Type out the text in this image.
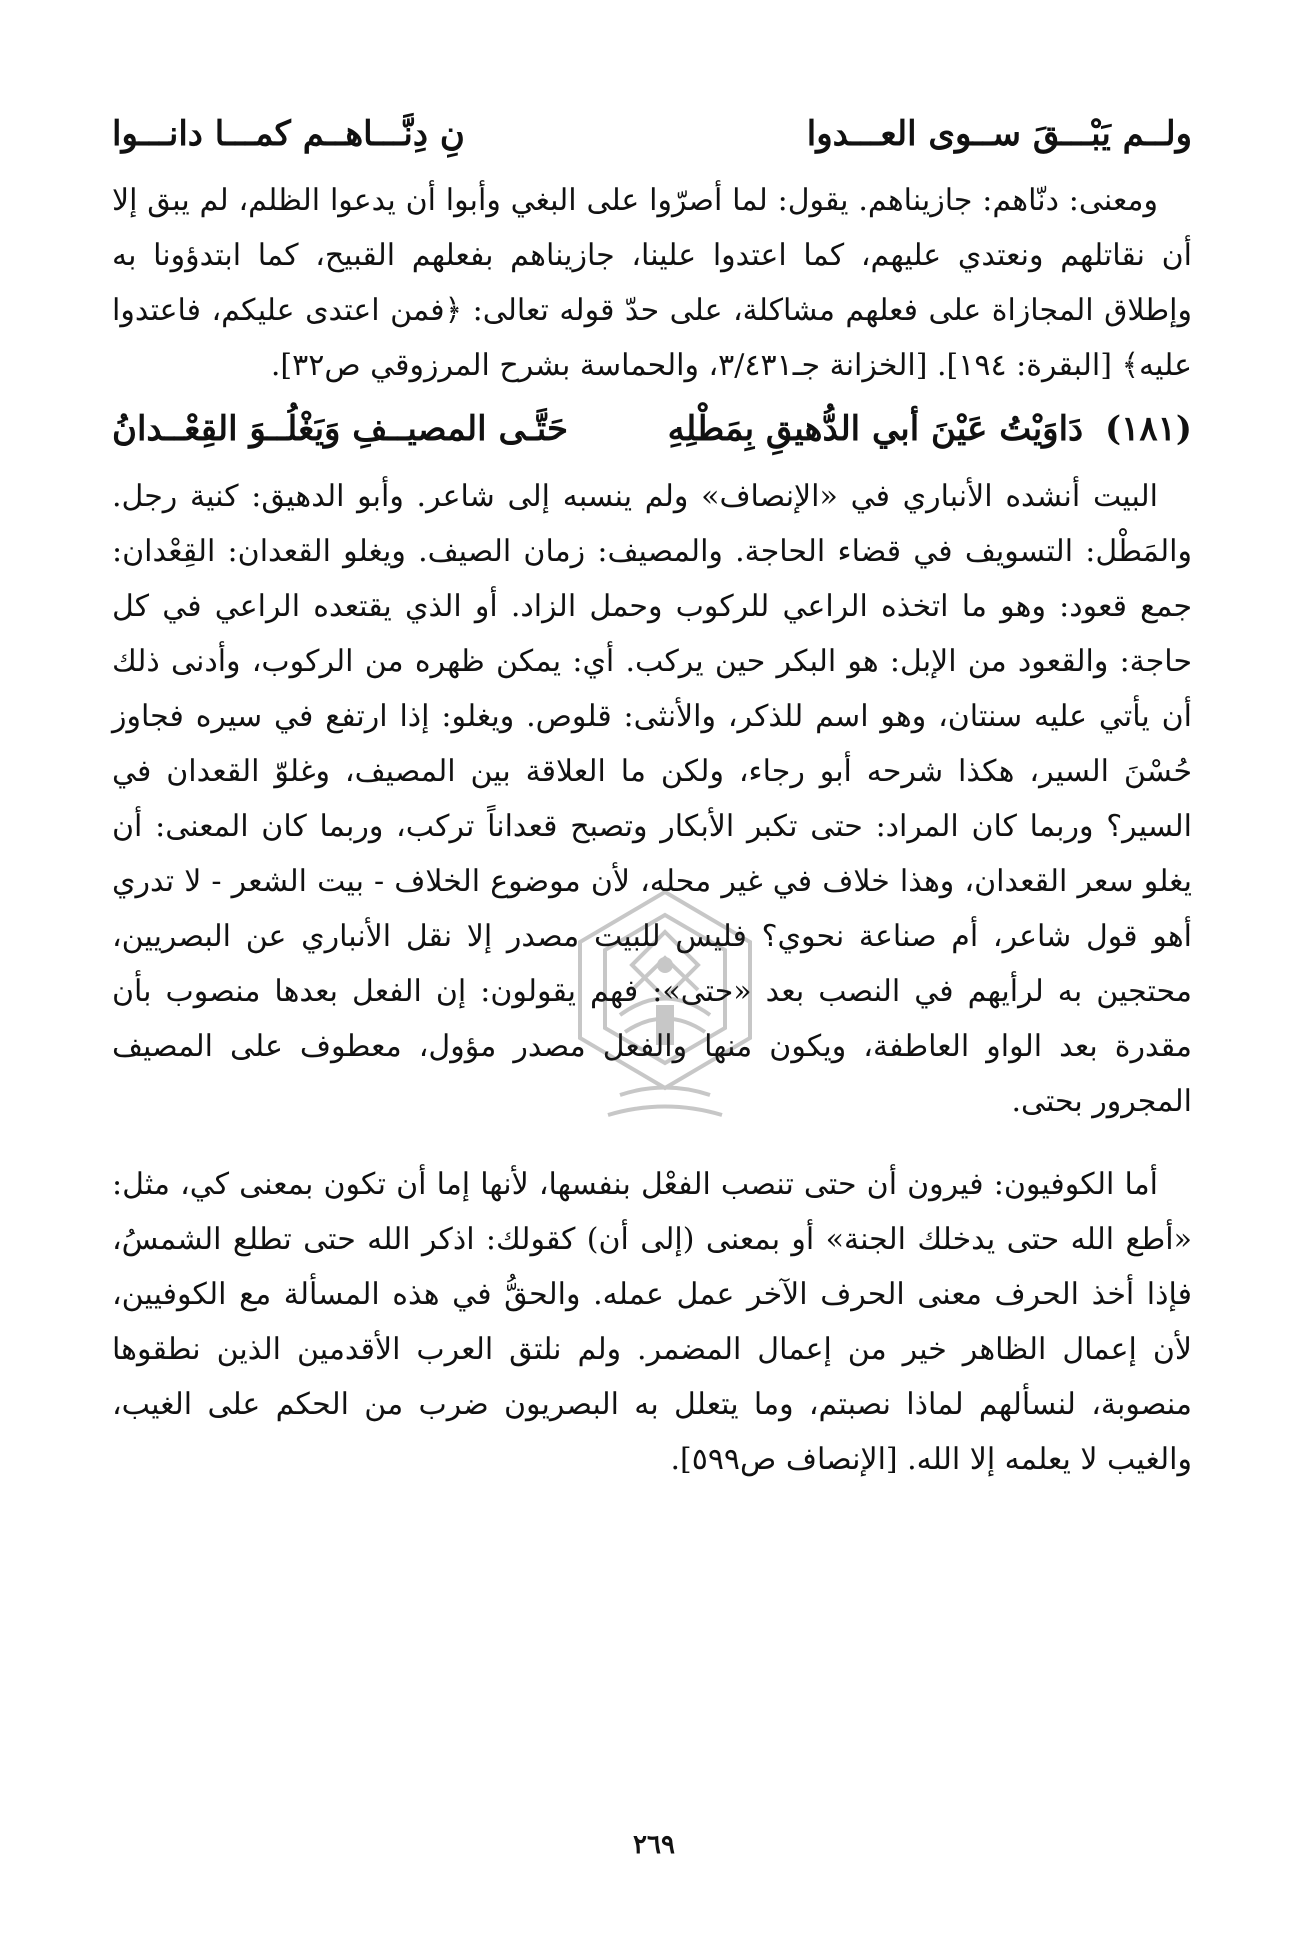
ولــم يَبْـــقَ ســوى العـــدوا
نِ دِنَّـــاهــم كمـــا دانـــوا

ومعنى: دنّاهم: جازيناهم. يقول: لما أصرّوا على البغي وأبوا أن يدعوا الظلم، لم يبق إلا أن نقاتلهم ونعتدي عليهم، كما اعتدوا علينا، جازيناهم بفعلهم القبيح، كما ابتدؤونا به وإطلاق المجازاة على فعلهم مشاكلة، على حدّ قوله تعالى: ﴿فمن اعتدى عليكم، فاعتدوا عليه﴾ [البقرة: ١٩٤]. [الخزانة جـ٣/٤٣١، والحماسة بشرح المرزوقي ص٣٢].

(١٨١) دَاوَيْتُ عَيْنَ أبي الدُّهيقِ بِمَطْلِهِ
حَتَّـى المصيــفِ وَيَغْلُــوَ القِعْــدانُ

البيت أنشده الأنباري في «الإنصاف» ولم ينسبه إلى شاعر. وأبو الدهيق: كنية رجل. والمَطْل: التسويف في قضاء الحاجة. والمصيف: زمان الصيف. ويغلو القعدان: القِعْدان: جمع قعود: وهو ما اتخذه الراعي للركوب وحمل الزاد. أو الذي يقتعده الراعي في كل حاجة: والقعود من الإبل: هو البكر حين يركب. أي: يمكن ظهره من الركوب، وأدنى ذلك أن يأتي عليه سنتان، وهو اسم للذكر، والأنثى: قلوص. ويغلو: إذا ارتفع في سيره فجاوز حُسْنَ السير، هكذا شرحه أبو رجاء، ولكن ما العلاقة بين المصيف، وغلوّ القعدان في السير؟ وربما كان المراد: حتى تكبر الأبكار وتصبح قعداناً تركب، وربما كان المعنى: أن يغلو سعر القعدان، وهذا خلاف في غير محله، لأن موضوع الخلاف - بيت الشعر - لا تدري أهو قول شاعر، أم صناعة نحوي؟ فليس للبيت مصدر إلا نقل الأنباري عن البصريين، محتجين به لرأيهم في النصب بعد «حتى»: فهم يقولون: إن الفعل بعدها منصوب بأن مقدرة بعد الواو العاطفة، ويكون منها والفعل مصدر مؤول، معطوف على المصيف المجرور بحتى.

أما الكوفيون: فيرون أن حتى تنصب الفعْل بنفسها، لأنها إما أن تكون بمعنى كي، مثل: «أطع الله حتى يدخلك الجنة» أو بمعنى (إلى أن) كقولك: اذكر الله حتى تطلع الشمسُ، فإذا أخذ الحرف معنى الحرف الآخر عمل عمله. والحقُّ في هذه المسألة مع الكوفيين، لأن إعمال الظاهر خير من إعمال المضمر. ولم نلتق العرب الأقدمين الذين نطقوها منصوبة، لنسألهم لماذا نصبتم، وما يتعلل به البصريون ضرب من الحكم على الغيب، والغيب لا يعلمه إلا الله. [الإنصاف ص٥٩٩].

٢٦٩
